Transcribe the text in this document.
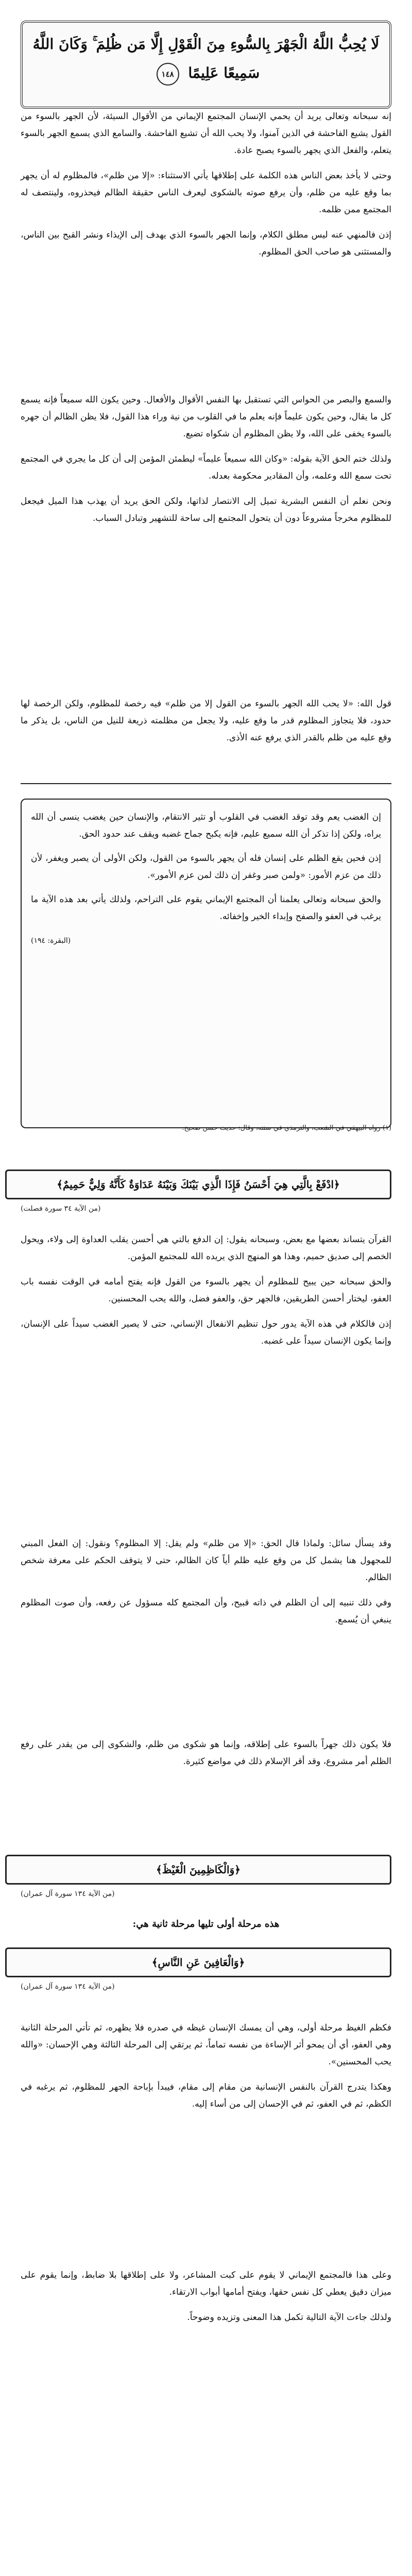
لَا يُحِبُّ اللَّهُ الْجَهْرَ بِالسُّوءِ مِنَ الْقَوْلِ إِلَّا مَن ظُلِمَ ۚ وَكَانَ اللَّهُ سَمِيعًا عَلِيمًا ١٤٨

إنه سبحانه وتعالى يريد أن يحمي الإنسان المجتمع الإيماني من الأقوال السيئة، لأن الجهر بالسوء من القول يشيع الفاحشة في الذين آمنوا، ولا يحب الله أن تشيع الفاحشة. والسامع الذي يسمع الجهر بالسوء يتعلم، والفعل الذي يجهر بالسوء يصبح عادة.

وحتى لا يأخذ بعض الناس هذه الكلمة على إطلاقها يأتي الاستثناء: «إلا من ظلم»، فالمظلوم له أن يجهر بما وقع عليه من ظلم، وأن يرفع صوته بالشكوى ليعرف الناس حقيقة الظالم فيحذروه، ولينتصف له المجتمع ممن ظلمه.

إذن فالمنهي عنه ليس مطلق الكلام، وإنما الجهر بالسوء الذي يهدف إلى الإيذاء ونشر القبح بين الناس، والمستثنى هو صاحب الحق المظلوم.

والسمع والبصر من الحواس التي تستقبل بها النفس الأقوال والأفعال. وحين يكون الله سميعاً فإنه يسمع كل ما يقال، وحين يكون عليماً فإنه يعلم ما في القلوب من نية وراء هذا القول، فلا يظن الظالم أن جهره بالسوء يخفى على الله، ولا يظن المظلوم أن شكواه تضيع.

ولذلك ختم الحق الآية بقوله: «وكان الله سميعاً عليماً» ليطمئن المؤمن إلى أن كل ما يجري في المجتمع تحت سمع الله وعلمه، وأن المقادير محكومة بعدله.

ونحن نعلم أن النفس البشرية تميل إلى الانتصار لذاتها، ولكن الحق يريد أن يهذب هذا الميل فيجعل للمظلوم مخرجاً مشروعاً دون أن يتحول المجتمع إلى ساحة للتشهير وتبادل السباب.

قول الله: «لا يحب الله الجهر بالسوء من القول إلا من ظلم» فيه رخصة للمظلوم، ولكن الرخصة لها حدود، فلا يتجاوز المظلوم قدر ما وقع عليه، ولا يجعل من مظلمته ذريعة للنيل من الناس، بل يذكر ما وقع عليه من ظلم بالقدر الذي يرفع عنه الأذى.

إن الغضب يعم وقد توقد الغضب في القلوب أو تثير الانتقام، والإنسان حين يغضب ينسى أن الله يراه، ولكن إذا تذكر أن الله سميع عليم، فإنه يكبح جماح غضبه ويقف عند حدود الحق.

إذن فحين يقع الظلم على إنسان فله أن يجهر بالسوء من القول، ولكن الأولى أن يصبر ويغفر، لأن ذلك من عزم الأمور: «ولمن صبر وغفر إن ذلك لمن عزم الأمور».

والحق سبحانه وتعالى يعلمنا أن المجتمع الإيماني يقوم على التراحم، ولذلك يأتي بعد هذه الآية ما يرغب في العفو والصفح وإبداء الخير وإخفائه.

(البقرة: ١٩٤)
(١) رواه البيهقي في الشعب، والترمذي في سننه، وقال: حديث حسن صحيح.
﴿ادْفَعْ بِالَّتِي هِيَ أَحْسَنُ فَإِذَا الَّذِي بَيْنَكَ وَبَيْنَهُ عَدَاوَةٌ كَأَنَّهُ وَلِيٌّ حَمِيمٌ﴾
(من الآية ٣٤ سورة فصلت)

القرآن يتساند بعضها مع بعض، وسبحانه يقول: إن الدفع بالتي هي أحسن يقلب العداوة إلى ولاء، ويحول الخصم إلى صديق حميم، وهذا هو المنهج الذي يريده الله للمجتمع المؤمن.

والحق سبحانه حين يبيح للمظلوم أن يجهر بالسوء من القول فإنه يفتح أمامه في الوقت نفسه باب العفو، ليختار أحسن الطريقين، فالجهر حق، والعفو فضل، والله يحب المحسنين.

إذن فالكلام في هذه الآية يدور حول تنظيم الانفعال الإنساني، حتى لا يصير الغضب سيداً على الإنسان، وإنما يكون الإنسان سيداً على غضبه.

وقد يسأل سائل: ولماذا قال الحق: «إلا من ظلم» ولم يقل: إلا المظلوم؟ ونقول: إن الفعل المبني للمجهول هنا يشمل كل من وقع عليه ظلم أياً كان الظالم، حتى لا يتوقف الحكم على معرفة شخص الظالم.

وفي ذلك تنبيه إلى أن الظلم في ذاته قبيح، وأن المجتمع كله مسؤول عن رفعه، وأن صوت المظلوم ينبغي أن يُسمع.

فلا يكون ذلك جهراً بالسوء على إطلاقه، وإنما هو شكوى من ظلم، والشكوى إلى من يقدر على رفع الظلم أمر مشروع، وقد أقر الإسلام ذلك في مواضع كثيرة.

﴿وَالْكَاظِمِينَ الْغَيْظَ﴾
(من الآية ١٣٤ سورة آل عمران)
هذه مرحلة أولى تليها مرحلة ثانية هي:
﴿وَالْعَافِينَ عَنِ النَّاسِ﴾
(من الآية ١٣٤ سورة آل عمران)

فكظم الغيظ مرحلة أولى، وهي أن يمسك الإنسان غيظه في صدره فلا يظهره، ثم تأتي المرحلة الثانية وهي العفو، أي أن يمحو أثر الإساءة من نفسه تماماً، ثم يرتقي إلى المرحلة الثالثة وهي الإحسان: «والله يحب المحسنين».

وهكذا يتدرج القرآن بالنفس الإنسانية من مقام إلى مقام، فيبدأ بإباحة الجهر للمظلوم، ثم يرغبه في الكظم، ثم في العفو، ثم في الإحسان إلى من أساء إليه.

وعلى هذا فالمجتمع الإيماني لا يقوم على كبت المشاعر، ولا على إطلاقها بلا ضابط، وإنما يقوم على ميزان دقيق يعطي كل نفس حقها، ويفتح أمامها أبواب الارتقاء.

ولذلك جاءت الآية التالية تكمل هذا المعنى وتزيده وضوحاً.
